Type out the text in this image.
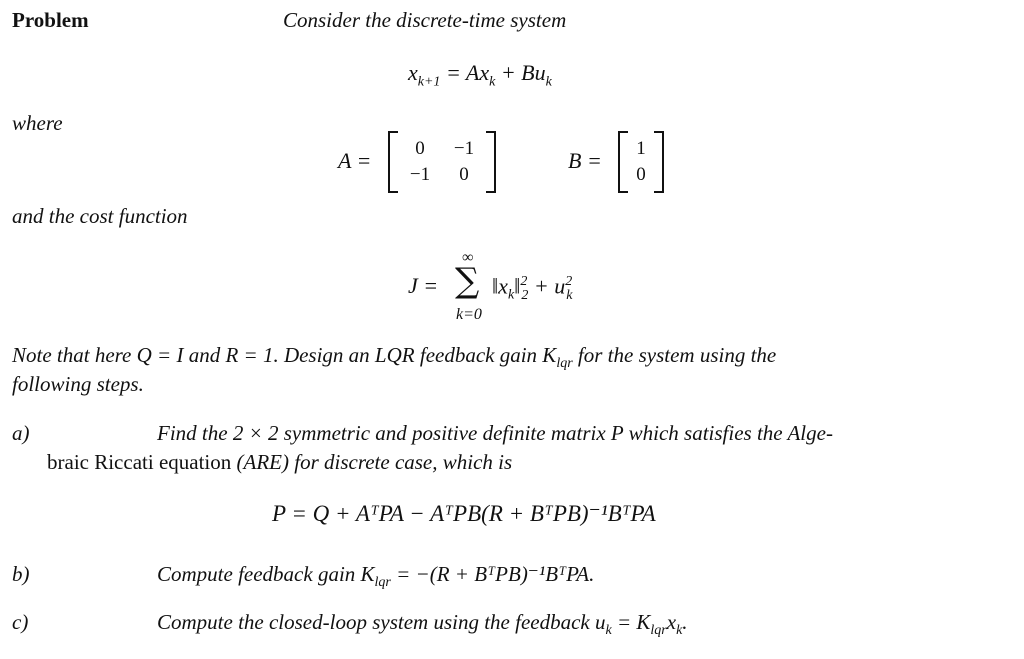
Problem	Consider the discrete-time system
$x_{k+1} = Ax_k + Bu_k$
where
A = 0 −1
−1 0
B = 1
0
and the cost function
J =
∞
∑
k=0
$‖x_k‖^2_2 + u^2_k$
Note that here Q = I and R = 1. Design an LQR feedback gain $K_{lqr}$ for the system using the
following steps.
a)	Find the 2 × 2 symmetric and positive definite matrix P which satisfies the Alge-
braic Riccati equation (ARE) for discrete case, which is
P = Q + AᵀPA − AᵀPB(R + BᵀPB)⁻¹BᵀPA
b)	Compute feedback gain $K_{lqr} = -(R$ + BᵀPB)⁻¹BᵀPA.
c)	Compute the closed-loop system using the feedback $u_k = K_{lqr}x_k$.
